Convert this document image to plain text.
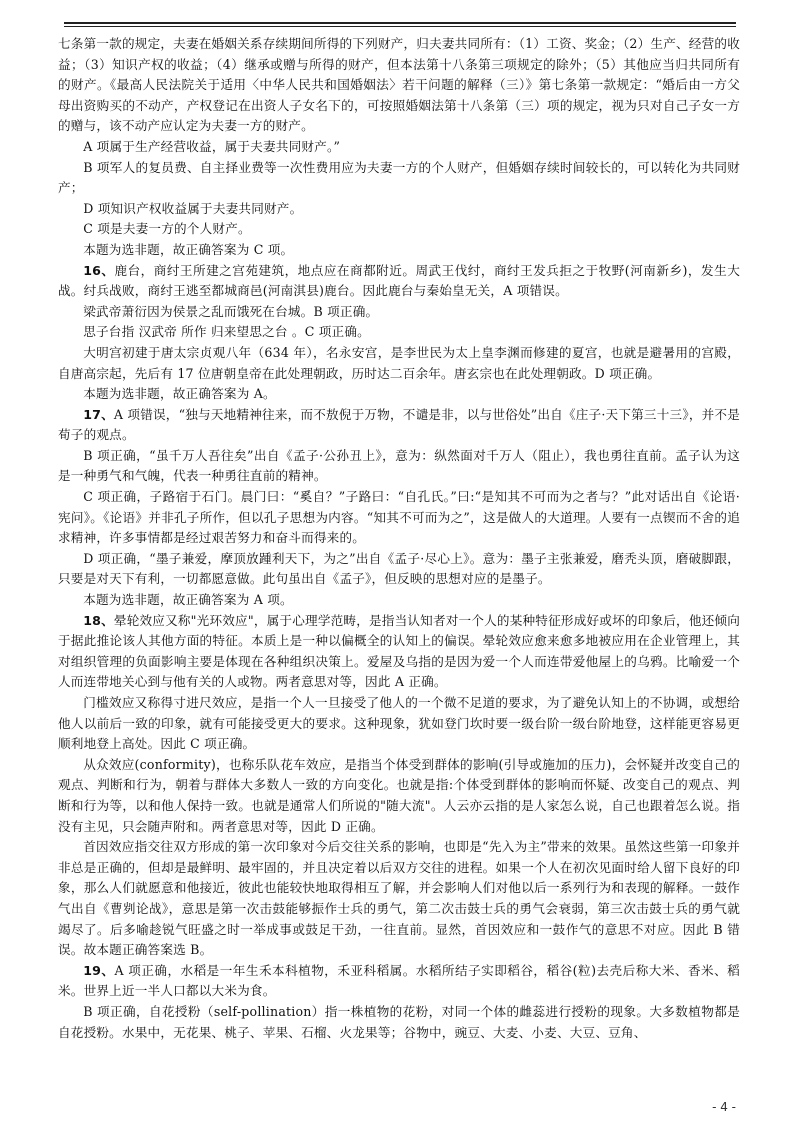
七条第一款的规定，夫妻在婚姻关系存续期间所得的下列财产，归夫妻共同所有：（1）工资、奖金；（2）生产、经营的收益；（3）知识产权的收益；（4）继承或赠与所得的财产，但本法第十八条第三项规定的除外；（5）其他应当归共同所有的财产。《最高人民法院关于适用〈中华人民共和国婚姻法〉若干问题的解释（三）》第七条第一款规定：“婚后由一方父母出资购买的不动产，产权登记在出资人子女名下的，可按照婚姻法第十八条第（三）项的规定，视为只对自己子女一方的赠与，该不动产应认定为夫妻一方的财产。

A 项属于生产经营收益，属于夫妻共同财产。”

B 项军人的复员费、自主择业费等一次性费用应为夫妻一方的个人财产，但婚姻存续时间较长的，可以转化为共同财产；

D 项知识产权收益属于夫妻共同财产。

C 项是夫妻一方的个人财产。

本题为选非题，故正确答案为 C 项。

16、鹿台，商纣王所建之宫苑建筑，地点应在商都附近。周武王伐纣，商纣王发兵拒之于牧野(河南新乡)，发生大战。纣兵战败，商纣王逃至都城商邑(河南淇县)鹿台。因此鹿台与秦始皇无关，A 项错误。

梁武帝萧衍因为侯景之乱而饿死在台城。B 项正确。

思子台指 汉武帝 所作 归来望思之台 。C 项正确。

大明宫初建于唐太宗贞观八年（634 年），名永安宫，是李世民为太上皇李渊而修建的夏宫，也就是避暑用的宫殿，自唐高宗起，先后有 17 位唐朝皇帝在此处理朝政，历时达二百余年。唐玄宗也在此处理朝政。D 项正确。

本题为选非题，故正确答案为 A。

17、A 项错误，“独与天地精神往来，而不敖倪于万物，不谴是非，以与世俗处”出自《庄子·天下第三十三》，并不是荀子的观点。

B 项正确，“虽千万人吾往矣”出自《孟子·公孙丑上》，意为：纵然面对千万人（阻止），我也勇往直前。孟子认为这是一种勇气和气魄，代表一种勇往直前的精神。

C 项正确，子路宿于石门。晨门曰：“奚自？”子路曰：“自孔氏。”曰:“是知其不可而为之者与？”此对话出自《论语·宪问》。《论语》并非孔子所作，但以孔子思想为内容。“知其不可而为之”，这是做人的大道理。人要有一点锲而不舍的追求精神，许多事情都是经过艰苦努力和奋斗而得来的。

D 项正确，“墨子兼爱，摩顶放踵利天下，为之”出自《孟子·尽心上》。意为：墨子主张兼爱，磨秃头顶，磨破脚跟，只要是对天下有利，一切都愿意做。此句虽出自《孟子》，但反映的思想对应的是墨子。

本题为选非题，故正确答案为 A 项。

18、晕轮效应又称"光环效应"，属于心理学范畴，是指当认知者对一个人的某种特征形成好或坏的印象后，他还倾向于据此推论该人其他方面的特征。本质上是一种以偏概全的认知上的偏误。晕轮效应愈来愈多地被应用在企业管理上，其对组织管理的负面影响主要是体现在各种组织决策上。爱屋及乌指的是因为爱一个人而连带爱他屋上的乌鸦。比喻爱一个人而连带地关心到与他有关的人或物。两者意思对等，因此 A 正确。

门槛效应又称得寸进尺效应，是指一个人一旦接受了他人的一个微不足道的要求，为了避免认知上的不协调，或想给他人以前后一致的印象，就有可能接受更大的要求。这种现象，犹如登门坎时要一级台阶一级台阶地登，这样能更容易更顺利地登上高处。因此 C 项正确。

从众效应(conformity)，也称乐队花车效应，是指当个体受到群体的影响(引导或施加的压力)，会怀疑并改变自己的观点、判断和行为，朝着与群体大多数人一致的方向变化。也就是指:个体受到群体的影响而怀疑、改变自己的观点、判断和行为等，以和他人保持一致。也就是通常人们所说的"随大流"。人云亦云指的是人家怎么说，自己也跟着怎么说。指没有主见，只会随声附和。两者意思对等，因此 D 正确。

首因效应指交往双方形成的第一次印象对今后交往关系的影响，也即是“先入为主”带来的效果。虽然这些第一印象并非总是正确的，但却是最鲜明、最牢固的，并且决定着以后双方交往的进程。如果一个人在初次见面时给人留下良好的印象，那么人们就愿意和他接近，彼此也能较快地取得相互了解，并会影响人们对他以后一系列行为和表现的解释。一鼓作气出自《曹刿论战》，意思是第一次击鼓能够振作士兵的勇气，第二次击鼓士兵的勇气会衰弱，第三次击鼓士兵的勇气就竭尽了。后多喻趁锐气旺盛之时一举成事或鼓足干劲，一往直前。显然，首因效应和一鼓作气的意思不对应。因此 B 错误。故本题正确答案选 B。

19、A 项正确，水稻是一年生禾本科植物，禾亚科稻属。水稻所结子实即稻谷，稻谷(粒)去壳后称大米、香米、稻米。世界上近一半人口都以大米为食。

B 项正确，自花授粉（self-pollination）指一株植物的花粉，对同一个体的雌蕊进行授粉的现象。大多数植物都是自花授粉。水果中，无花果、桃子、苹果、石榴、火龙果等；谷物中，豌豆、大麦、小麦、大豆、豆角、

- 4 -
